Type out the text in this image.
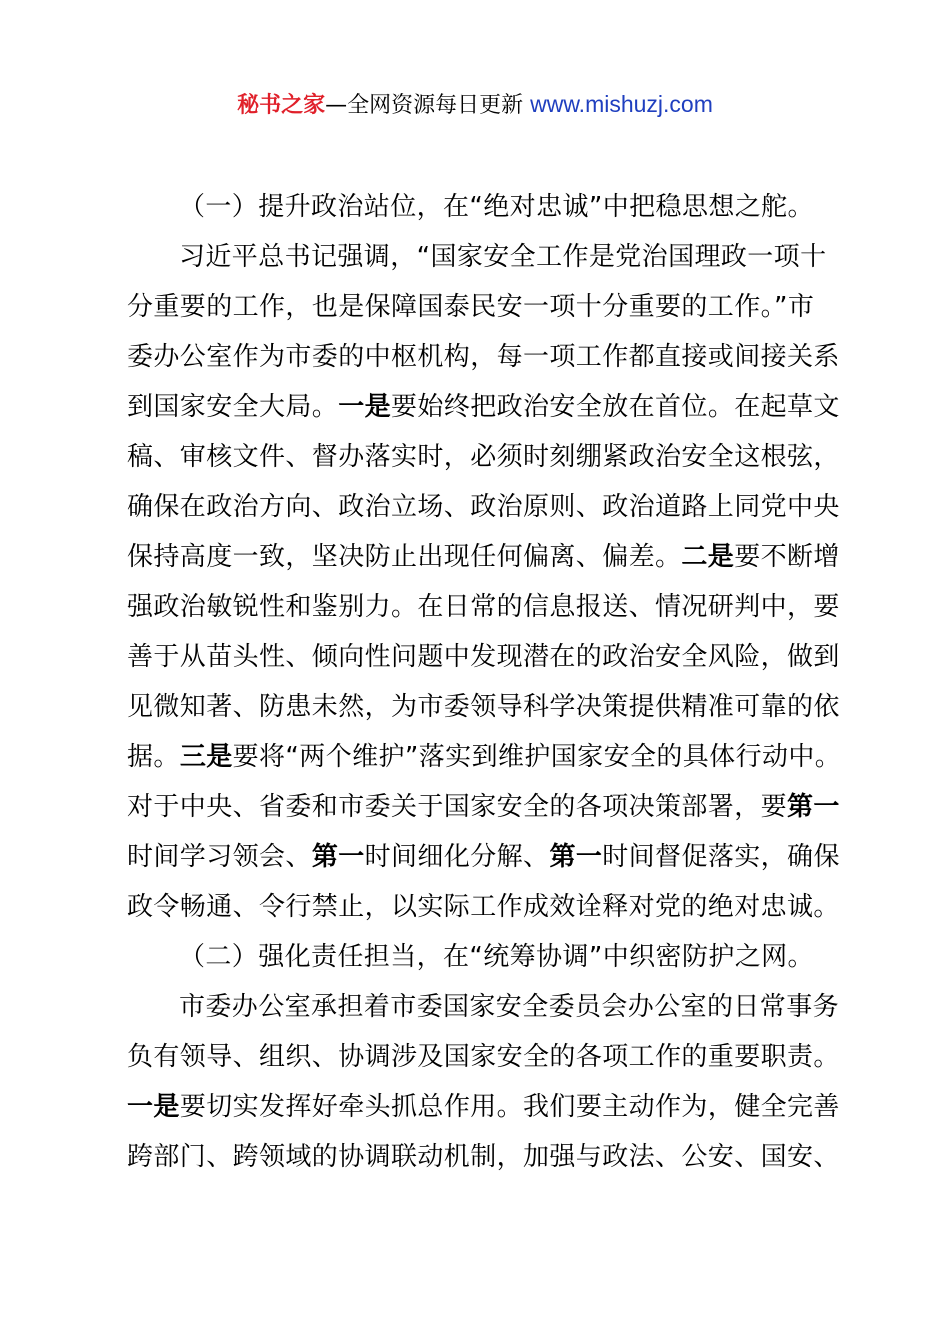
秘书之家—全网资源每日更新 www.mishuzj.com
（一）提升政治站位，在“绝对忠诚”中把稳思想之舵。
习近平总书记强调，“国家安全工作是党治国理政一项十
分重要的工作，也是保障国泰民安一项十分重要的工作。”市
委办公室作为市委的中枢机构，每一项工作都直接或间接关系
到国家安全大局。一是要始终把政治安全放在首位。在起草文
稿、审核文件、督办落实时，必须时刻绷紧政治安全这根弦，
确保在政治方向、政治立场、政治原则、政治道路上同党中央
保持高度一致，坚决防止出现任何偏离、偏差。二是要不断增
强政治敏锐性和鉴别力。在日常的信息报送、情况研判中，要
善于从苗头性、倾向性问题中发现潜在的政治安全风险，做到
见微知著、防患未然，为市委领导科学决策提供精准可靠的依
据。三是要将“两个维护”落实到维护国家安全的具体行动中。
对于中央、省委和市委关于国家安全的各项决策部署，要第一
时间学习领会、第一时间细化分解、第一时间督促落实，确保
政令畅通、令行禁止，以实际工作成效诠释对党的绝对忠诚。
（二）强化责任担当，在“统筹协调”中织密防护之网。
市委办公室承担着市委国家安全委员会办公室的日常事务
负有领导、组织、协调涉及国家安全的各项工作的重要职责。
一是要切实发挥好牵头抓总作用。我们要主动作为，健全完善
跨部门、跨领域的协调联动机制，加强与政法、公安、国安、
